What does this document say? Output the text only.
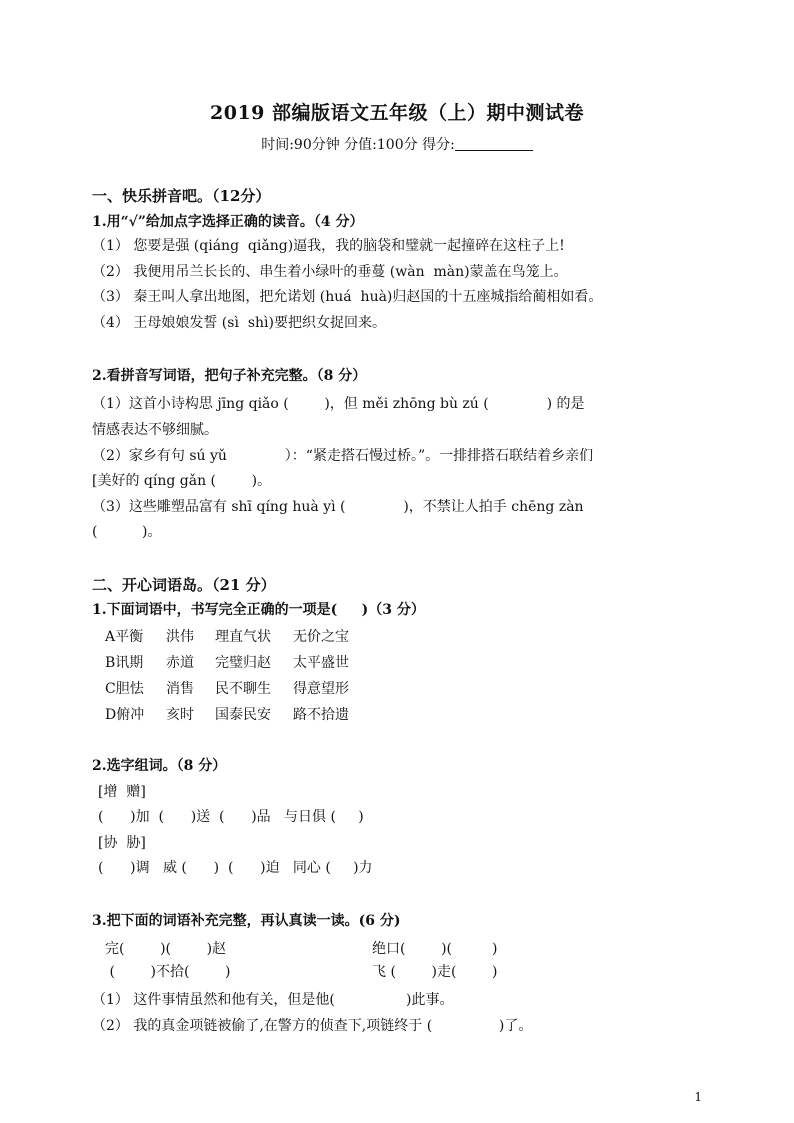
2019 部编版语文五年级（上）期中测试卷
时间:90分钟 分值:100分 得分:
一、快乐拼音吧。（12分）
1.用“√”给加点字选择正确的读音。（4 分）
（1） 您要是强 (qiáng  qiǎng)逼我，我的脑袋和璧就一起撞碎在这柱子上!
（2） 我便用吊兰长长的、串生着小绿叶的垂蔓 (wàn  màn)蒙盖在鸟笼上。
（3） 秦王叫人拿出地图，把允诺划 (huá  huà)归赵国的十五座城指给蔺相如看。
（4） 王母娘娘发誓 (sì  shì)要把织女捉回来。
2.看拼音写词语，把句子补充完整。（8 分）
（1）这首小诗构思 jīng qiǎo (        )，但 měi zhōng bù zú (             ) 的是
情感表达不够细腻。
（2）家乡有句 sú yǔ             ）：“紧走搭石慢过桥。”。一排排搭石联结着乡亲们
[美好的 qíng gǎn (        )。
（3）这些雕塑品富有 shī qíng huà yì (             )，不禁让人拍手 chēng zàn
(          )。
二、开心词语岛。（21 分）
1.下面词语中，书写完全正确的一项是(     )（3 分）
A平衡 洪伟 理直气状 无价之宝
B讯期 赤道 完璧归赵 太平盛世
C胆怯 消售 民不聊生 得意望形
D俯冲 亥时 国泰民安 路不拾遗
2.选字组词。（8 分）
[增  赠]
(      )加  (      )送  (      )品   与日俱 (     )
[协  胁]
(      )调   威 (      )  (      )迫   同心 (     )力
3.把下面的词语补充完整，再认真读一读。(6 分)
完(        )(        )赵	绝口(        )(         )
(        )不拾(        )	飞 (        )走(        )
（1） 这件事情虽然和他有关，但是他(                )此事。
（2） 我的真金项链被偷了,在警方的侦查下,项链终于 (               )了。
1
